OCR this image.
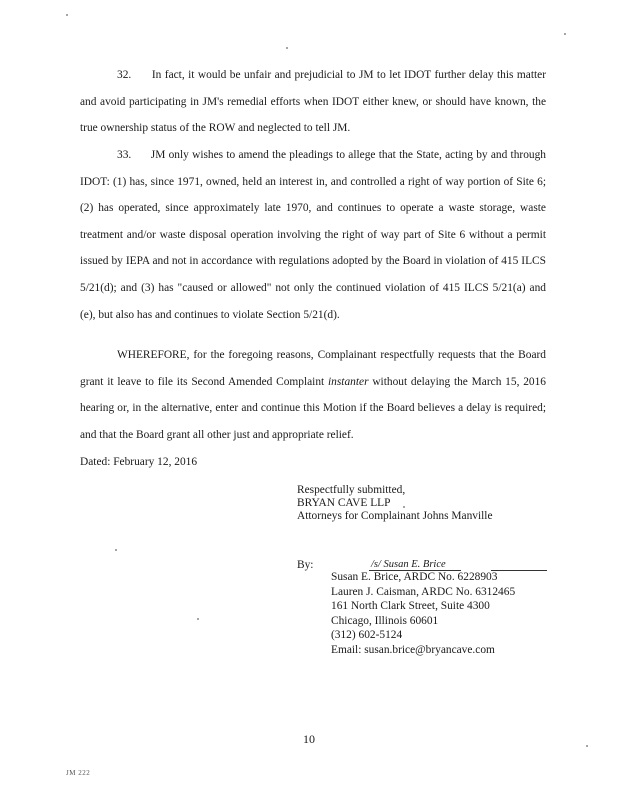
32. In fact, it would be unfair and prejudicial to JM to let IDOT further delay this matter and avoid participating in JM's remedial efforts when IDOT either knew, or should have known, the true ownership status of the ROW and neglected to tell JM.

33. JM only wishes to amend the pleadings to allege that the State, acting by and through IDOT: (1) has, since 1971, owned, held an interest in, and controlled a right of way portion of Site 6; (2) has operated, since approximately late 1970, and continues to operate a waste storage, waste treatment and/or waste disposal operation involving the right of way part of Site 6 without a permit issued by IEPA and not in accordance with regulations adopted by the Board in violation of 415 ILCS 5/21(d); and (3) has "caused or allowed" not only the continued violation of 415 ILCS 5/21(a) and (e), but also has and continues to violate Section 5/21(d).

WHEREFORE, for the foregoing reasons, Complainant respectfully requests that the Board grant it leave to file its Second Amended Complaint instanter without delaying the March 15, 2016 hearing or, in the alternative, enter and continue this Motion if the Board believes a delay is required; and that the Board grant all other just and appropriate relief.

Dated: February 12, 2016
Respectfully submitted,
BRYAN CAVE LLP
Attorneys for Complainant Johns Manville
By:	/s/ Susan E. Brice
Susan E. Brice, ARDC No. 6228903
Lauren J. Caisman, ARDC No. 6312465
161 North Clark Street, Suite 4300
Chicago, Illinois 60601
(312) 602-5124
Email: susan.brice@bryancave.com
10
JM 222
